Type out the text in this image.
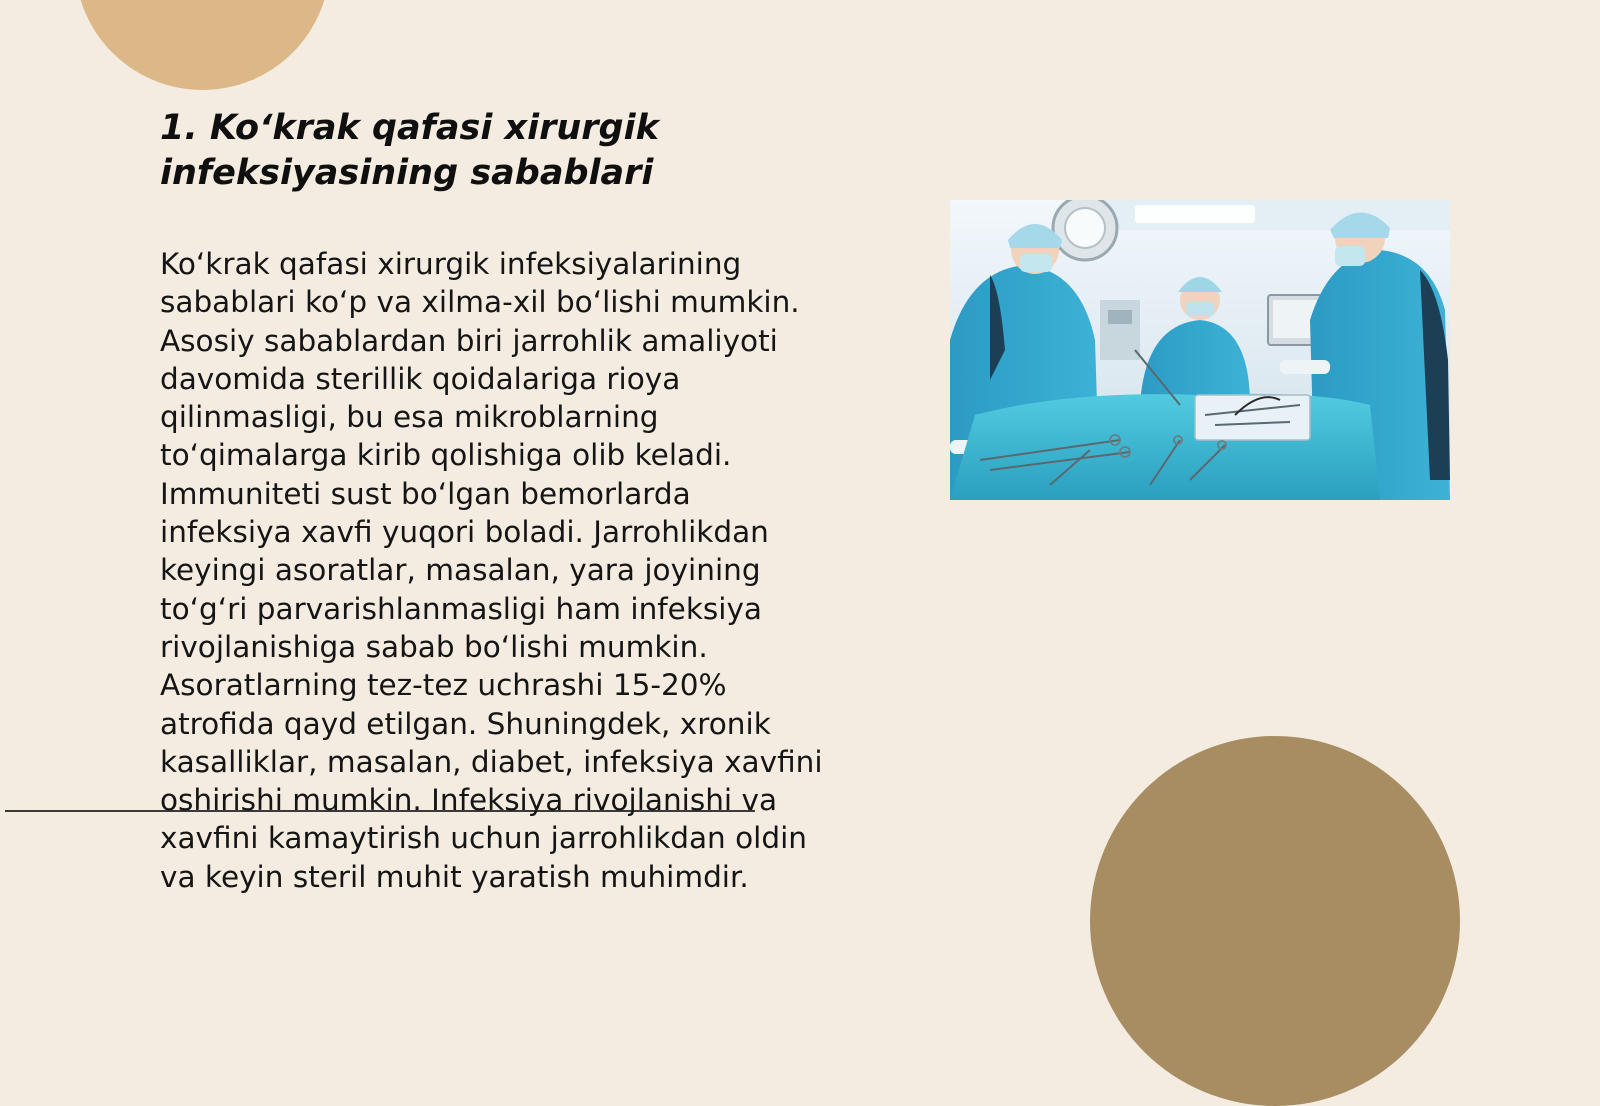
1. Ko‘krak qafasi xirurgik
infeksiyasining sabablari

Ko‘krak qafasi xirurgik infeksiyalarining
sabablari ko‘p va xilma-xil bo‘lishi mumkin.
Asosiy sabablardan biri jarrohlik amaliyoti
davomida sterillik qoidalariga rioya
qilinmasligi, bu esa mikroblarning
to‘qimalarga kirib qolishiga olib keladi.
Immuniteti sust bo‘lgan bemorlarda
infeksiya xavfi yuqori boladi. Jarrohlikdan
keyingi asoratlar, masalan, yara joyining
to‘g‘ri parvarishlanmasligi ham infeksiya
rivojlanishiga sabab bo‘lishi mumkin.
Asoratlarning tez-tez uchrashi 15-20%
atrofida qayd etilgan. Shuningdek, xronik
kasalliklar, masalan, diabet, infeksiya xavfini
oshirishi mumkin. Infeksiya rivojlanishi va
xavfini kamaytirish uchun jarrohlikdan oldin
va keyin steril muhit yaratish muhimdir.
